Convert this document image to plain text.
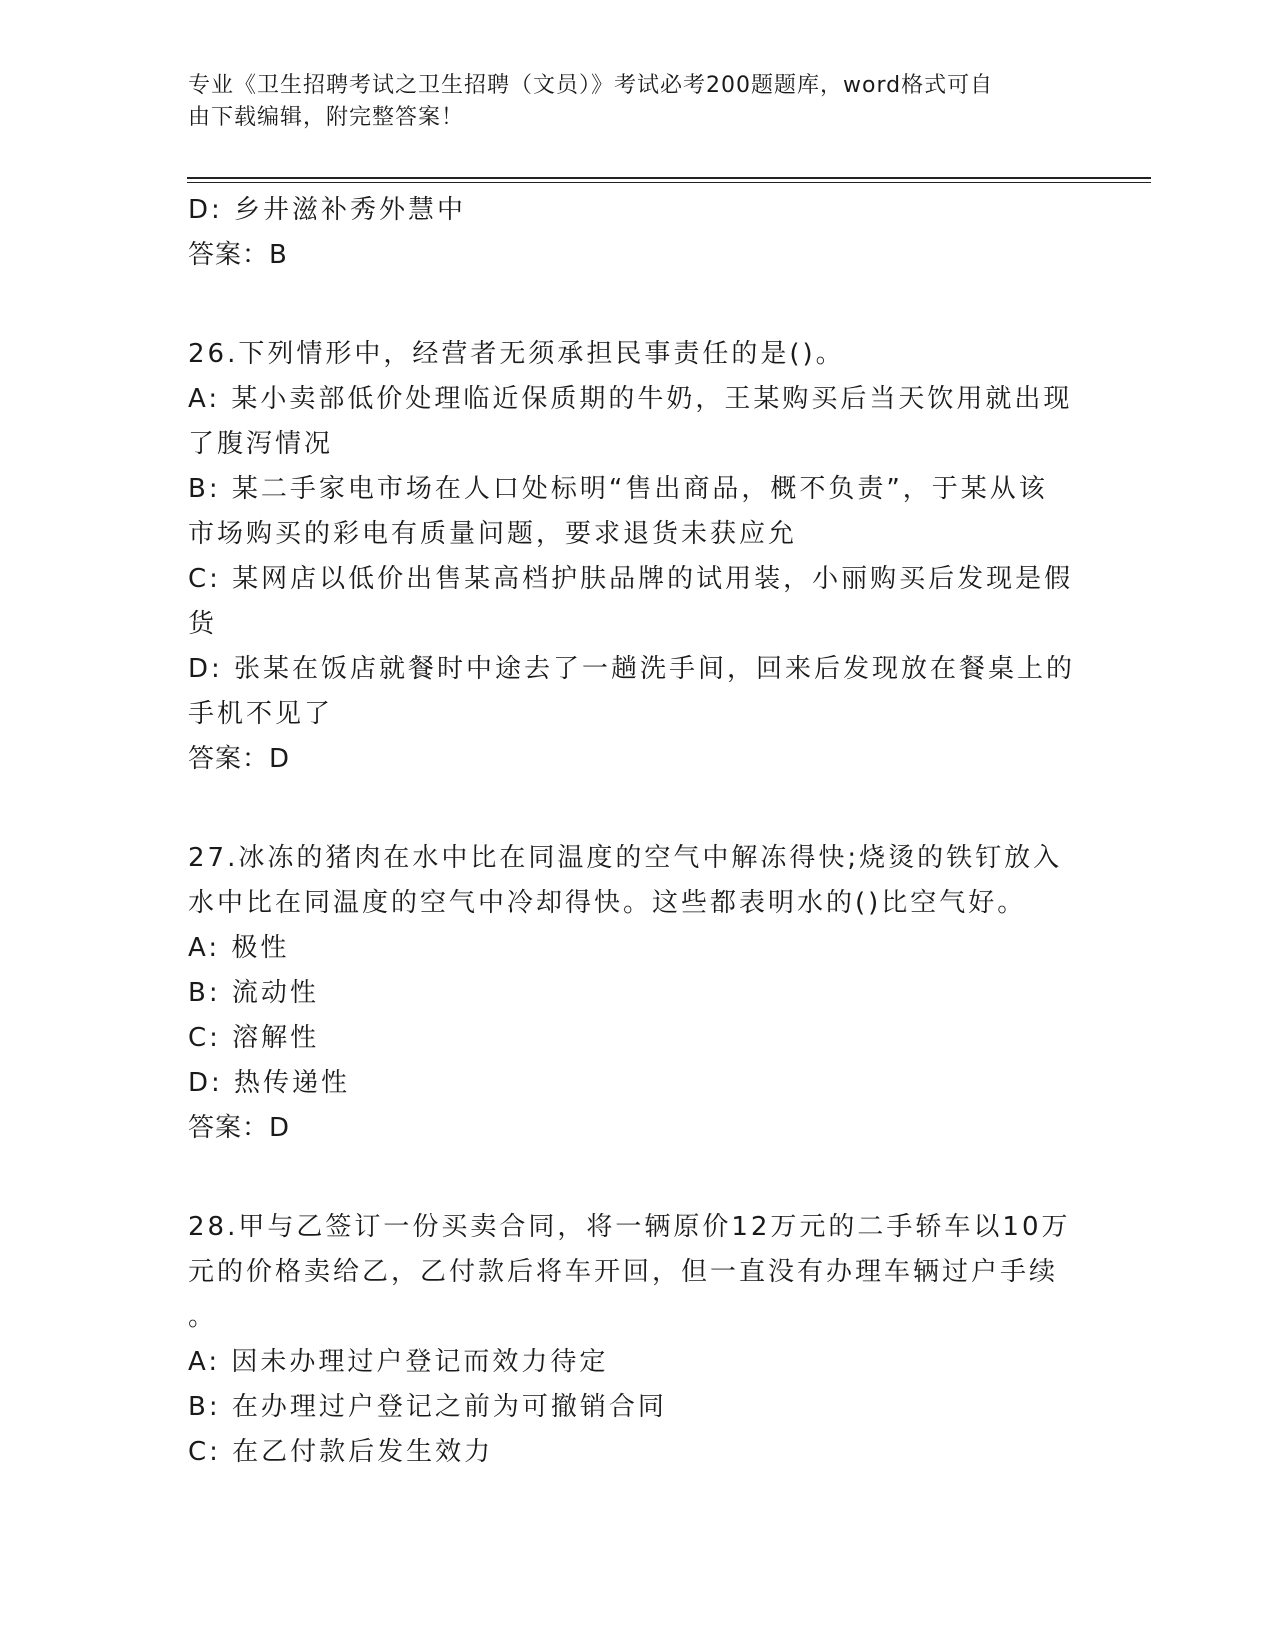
专业《卫生招聘考试之卫生招聘（文员）》考试必考200题题库，word格式可自
由下载编辑，附完整答案！
D: 乡井滋补秀外慧中
答案：B
26.下列情形中，经营者无须承担民事责任的是()。
A: 某小卖部低价处理临近保质期的牛奶，王某购买后当天饮用就出现
了腹泻情况
B: 某二手家电市场在人口处标明“售出商品，概不负责”，于某从该
市场购买的彩电有质量问题，要求退货未获应允
C: 某网店以低价出售某高档护肤品牌的试用装，小丽购买后发现是假
货
D: 张某在饭店就餐时中途去了一趟洗手间，回来后发现放在餐桌上的
手机不见了
答案：D
27.冰冻的猪肉在水中比在同温度的空气中解冻得快;烧烫的铁钉放入
水中比在同温度的空气中冷却得快。这些都表明水的()比空气好。
A: 极性
B: 流动性
C: 溶解性
D: 热传递性
答案：D
28.甲与乙签订一份买卖合同，将一辆原价12万元的二手轿车以10万
元的价格卖给乙，乙付款后将车开回，但一直没有办理车辆过户手续
。
A: 因未办理过户登记而效力待定
B: 在办理过户登记之前为可撤销合同
C: 在乙付款后发生效力
